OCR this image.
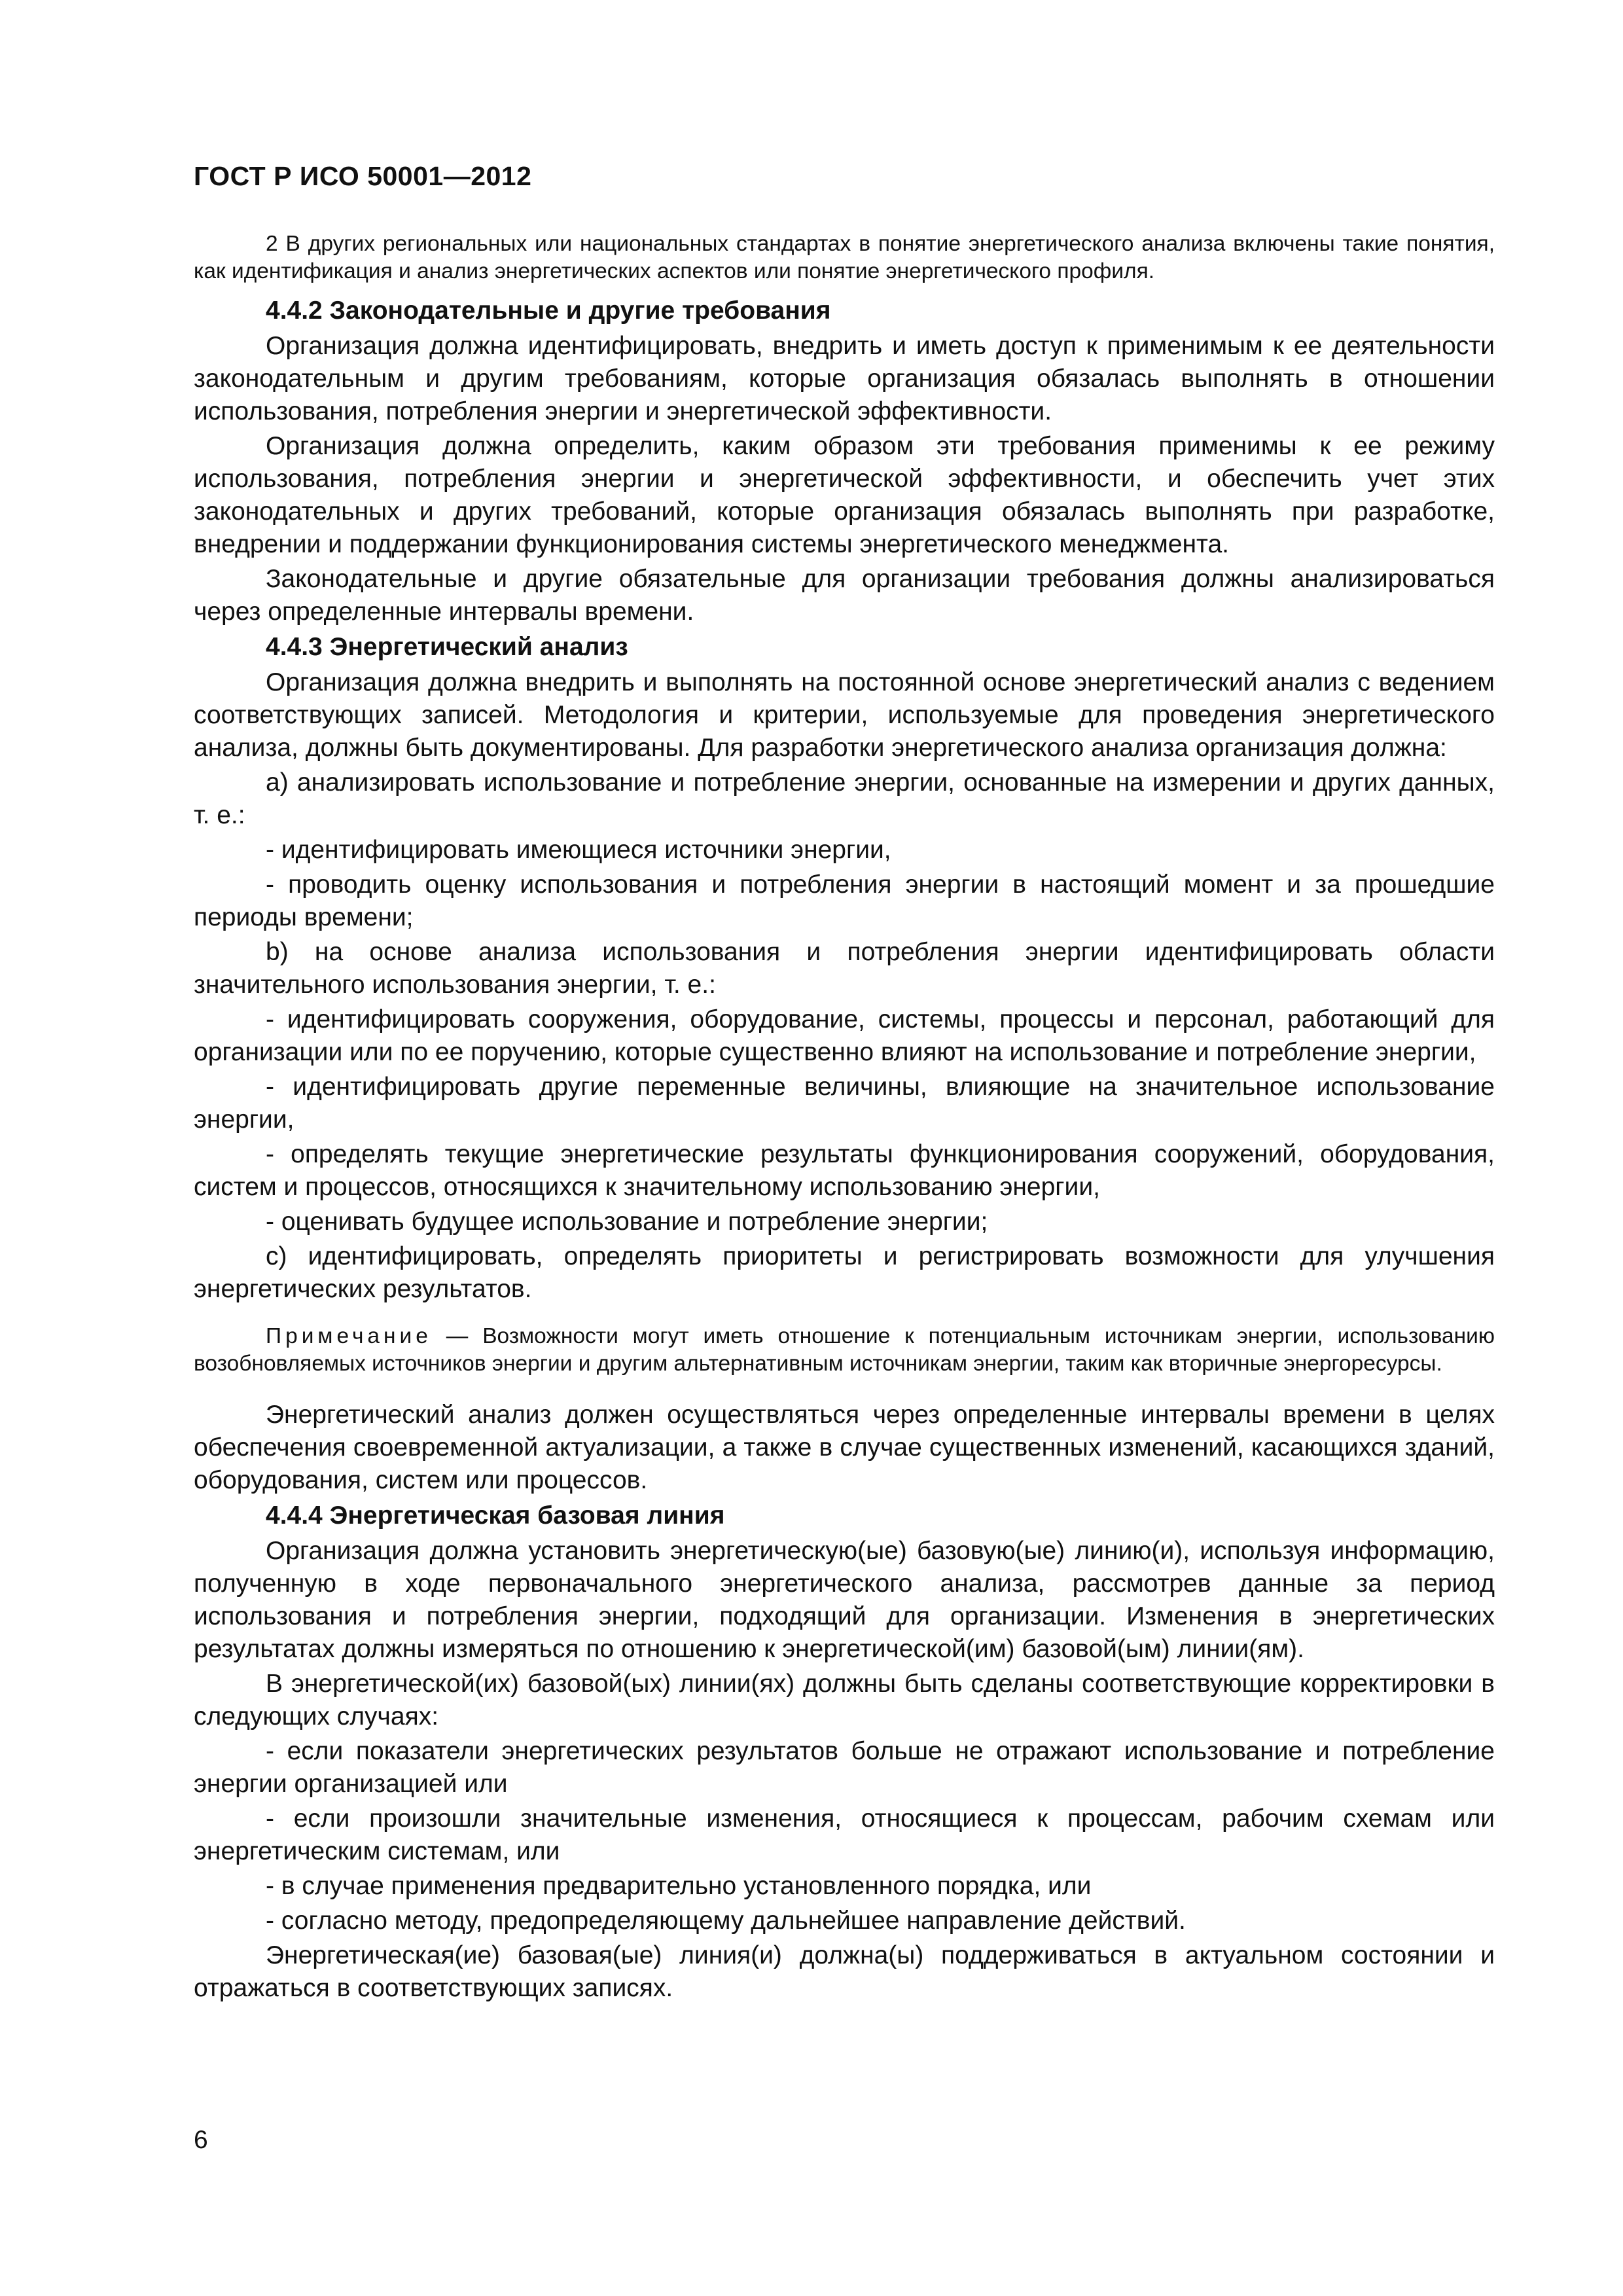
ГОСТ Р ИСО 50001—2012
2 В других региональных или национальных стандартах в понятие энергетического анализа включены такие понятия, как идентификация и анализ энергетических аспектов или понятие энергетического профиля.
4.4.2 Законодательные и другие требования

Организация должна идентифицировать, внедрить и иметь доступ к применимым к ее деятельности законодательным и другим требованиям, которые организация обязалась выполнять в отношении использования, потребления энергии и энергетической эффективности.

Организация должна определить, каким образом эти требования применимы к ее режиму использования, потребления энергии и энергетической эффективности, и обеспечить учет этих законодательных и других требований, которые организация обязалась выполнять при разработке, внедрении и поддержании функционирования системы энергетического менеджмента.

Законодательные и другие обязательные для организации требования должны анализироваться через определенные интервалы времени.

4.4.3 Энергетический анализ

Организация должна внедрить и выполнять на постоянной основе энергетический анализ с ведением соответствующих записей. Методология и критерии, используемые для проведения энергетического анализа, должны быть документированы. Для разработки энергетического анализа организация должна:

а) анализировать использование и потребление энергии, основанные на измерении и других данных, т. е.:

- идентифицировать имеющиеся источники энергии,

- проводить оценку использования и потребления энергии в настоящий момент и за прошедшие периоды времени;

b) на основе анализа использования и потребления энергии идентифицировать области значительного использования энергии, т. е.:

- идентифицировать сооружения, оборудование, системы, процессы и персонал, работающий для организации или по ее поручению, которые существенно влияют на использование и потребление энергии,

- идентифицировать другие переменные величины, влияющие на значительное использование энергии,

- определять текущие энергетические результаты функционирования сооружений, оборудования, систем и процессов, относящихся к значительному использованию энергии,

- оценивать будущее использование и потребление энергии;

с) идентифицировать, определять приоритеты и регистрировать возможности для улучшения энергетических результатов.

Примечание — Возможности могут иметь отношение к потенциальным источникам энергии, использованию возобновляемых источников энергии и другим альтернативным источникам энергии, таким как вторичные энергоресурсы.

Энергетический анализ должен осуществляться через определенные интервалы времени в целях обеспечения своевременной актуализации, а также в случае существенных изменений, касающихся зданий, оборудования, систем или процессов.

4.4.4 Энергетическая базовая линия

Организация должна установить энергетическую(ые) базовую(ые) линию(и), используя информацию, полученную в ходе первоначального энергетического анализа, рассмотрев данные за период использования и потребления энергии, подходящий для организации. Изменения в энергетических результатах должны измеряться по отношению к энергетической(им) базовой(ым) линии(ям).

В энергетической(их) базовой(ых) линии(ях) должны быть сделаны соответствующие корректировки в следующих случаях:

- если показатели энергетических результатов больше не отражают использование и потребление энергии организацией или

- если произошли значительные изменения, относящиеся к процессам, рабочим схемам или энергетическим системам, или

- в случае применения предварительно установленного порядка, или

- согласно методу, предопределяющему дальнейшее направление действий.

Энергетическая(ие) базовая(ые) линия(и) должна(ы) поддерживаться в актуальном состоянии и отражаться в соответствующих записях.

6
